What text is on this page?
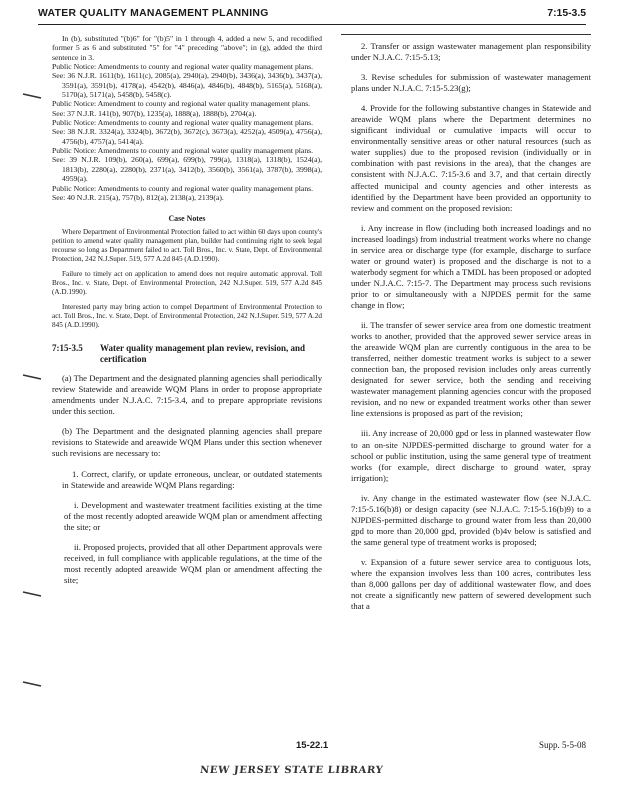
WATER QUALITY MANAGEMENT PLANNING	7:15-3.5

In (b), substituted "(b)6" for "(b)5" in 1 through 4, added a new 5, and recodified former 5 as 6 and substituted "5" for "4" preceding "above"; in (g), added the third sentence in 3.

Public Notice: Amendments to county and regional water quality management plans.

See: 36 N.J.R. 1611(b), 1611(c), 2085(a), 2940(a), 2940(b), 3436(a), 3436(b), 3437(a), 3591(a), 3591(b), 4178(a), 4542(b), 4846(a), 4846(b), 4848(b), 5165(a), 5168(a), 5170(a), 5171(a), 5458(b), 5458(c).

Public Notice: Amendment to county and regional water quality management plans.

See: 37 N.J.R. 141(b), 907(b), 1235(a), 1888(a), 1888(b), 2704(a).

Public Notice: Amendments to county and regional water quality management plans.

See: 38 N.J.R. 3324(a), 3324(b), 3672(b), 3672(c), 3673(a), 4252(a), 4509(a), 4756(a), 4756(b), 4757(a), 5414(a).

Public Notice: Amendments to county and regional water quality management plans.

See: 39 N.J.R. 109(b), 260(a), 699(a), 699(b), 799(a), 1318(a), 1318(b), 1524(a), 1813(b), 2280(a), 2280(b), 2371(a), 3412(b), 3560(b), 3561(a), 3787(b), 3998(a), 4959(a).

Public Notice: Amendments to county and regional water quality management plans.

See: 40 N.J.R. 215(a), 757(b), 812(a), 2138(a), 2139(a).

Case Notes

Where Department of Environmental Protection failed to act within 60 days upon county's petition to amend water quality management plan, builder had continuing right to seek legal recourse so long as Department failed to act. Toll Bros., Inc. v. State, Dept. of Environmental Protection, 242 N.J.Super. 519, 577 A.2d 845 (A.D.1990).

Failure to timely act on application to amend does not require automatic approval. Toll Bros., Inc. v. State, Dept. of Environmental Protection, 242 N.J.Super. 519, 577 A.2d 845 (A.D.1990).

Interested party may bring action to compel Department of Environmental Protection to act. Toll Bros., Inc. v. State, Dept. of Environmental Protection, 242 N.J.Super. 519, 577 A.2d 845 (A.D.1990).

7:15-3.5	Water quality management plan review, revision, and certification

(a) The Department and the designated planning agencies shall periodically review Statewide and areawide WQM Plans in order to propose appropriate amendments under N.J.A.C. 7:15-3.4, and to prepare appropriate revisions under this section.

(b) The Department and the designated planning agencies shall prepare revisions to Statewide and areawide WQM Plans under this section whenever such revisions are necessary to:

1. Correct, clarify, or update erroneous, unclear, or outdated statements in Statewide and areawide WQM Plans regarding:

i. Development and wastewater treatment facilities existing at the time of the most recently adopted areawide WQM plan or amendment affecting the site; or

ii. Proposed projects, provided that all other Department approvals were received, in full compliance with applicable regulations, at the time of the most recently adopted areawide WQM plan or amendment affecting the site;

2. Transfer or assign wastewater management plan responsibility under N.J.A.C. 7:15-5.13;

3. Revise schedules for submission of wastewater management plans under N.J.A.C. 7:15-5.23(g);

4. Provide for the following substantive changes in Statewide and areawide WQM plans where the Department determines no significant individual or cumulative impacts will occur to environmentally sensitive areas or other natural resources (such as water supplies) due to the proposed revision (individually or in combination with past revisions in the area), that the changes are consistent with N.J.A.C. 7:15-3.6 and 3.7, and that certain directly affected municipal and county agencies and other interests as identified by the Department have been provided an opportunity to review and comment on the proposed revision:

i. Any increase in flow (including both increased loadings and no increased loadings) from industrial treatment works where no change in service area or discharge type (for example, discharge to surface water or ground water) is proposed and the discharge is not to a waterbody segment for which a TMDL has been proposed or adopted under N.J.A.C. 7:15-7. The Department may process such revisions prior to or simultaneously with a NJPDES permit for the same change in flow;

ii. The transfer of sewer service area from one domestic treatment works to another, provided that the approved sewer service areas in the areawide WQM plan are currently contiguous in the area to be transferred, neither domestic treatment works is subject to a sewer connection ban, the proposed revision includes only areas currently designated for sewer service, both the sending and receiving wastewater management planning agencies concur with the proposed revision, and no new or expanded treatment works other than sewer line extensions is proposed as part of the revision;

iii. Any increase of 20,000 gpd or less in planned wastewater flow to an on-site NJPDES-permitted discharge to ground water for a school or public institution, using the same general type of treatment works (for example, direct discharge to ground water, spray irrigation);

iv. Any change in the estimated wastewater flow (see N.J.A.C. 7:15-5.16(b)8) or design capacity (see N.J.A.C. 7:15-5.16(b)9) to a NJPDES-permitted discharge to ground water from less than 20,000 gpd to more than 20,000 gpd, provided (b)4v below is satisfied and the same general type of treatment works is proposed;

v. Expansion of a future sewer service area to contiguous lots, where the expansion involves less than 100 acres, contributes less than 8,000 gallons per day of additional wastewater flow, and does not create a significantly new pattern of sewered development such that a

15-22.1	Supp. 5-5-08
NEW JERSEY STATE LIBRARY
